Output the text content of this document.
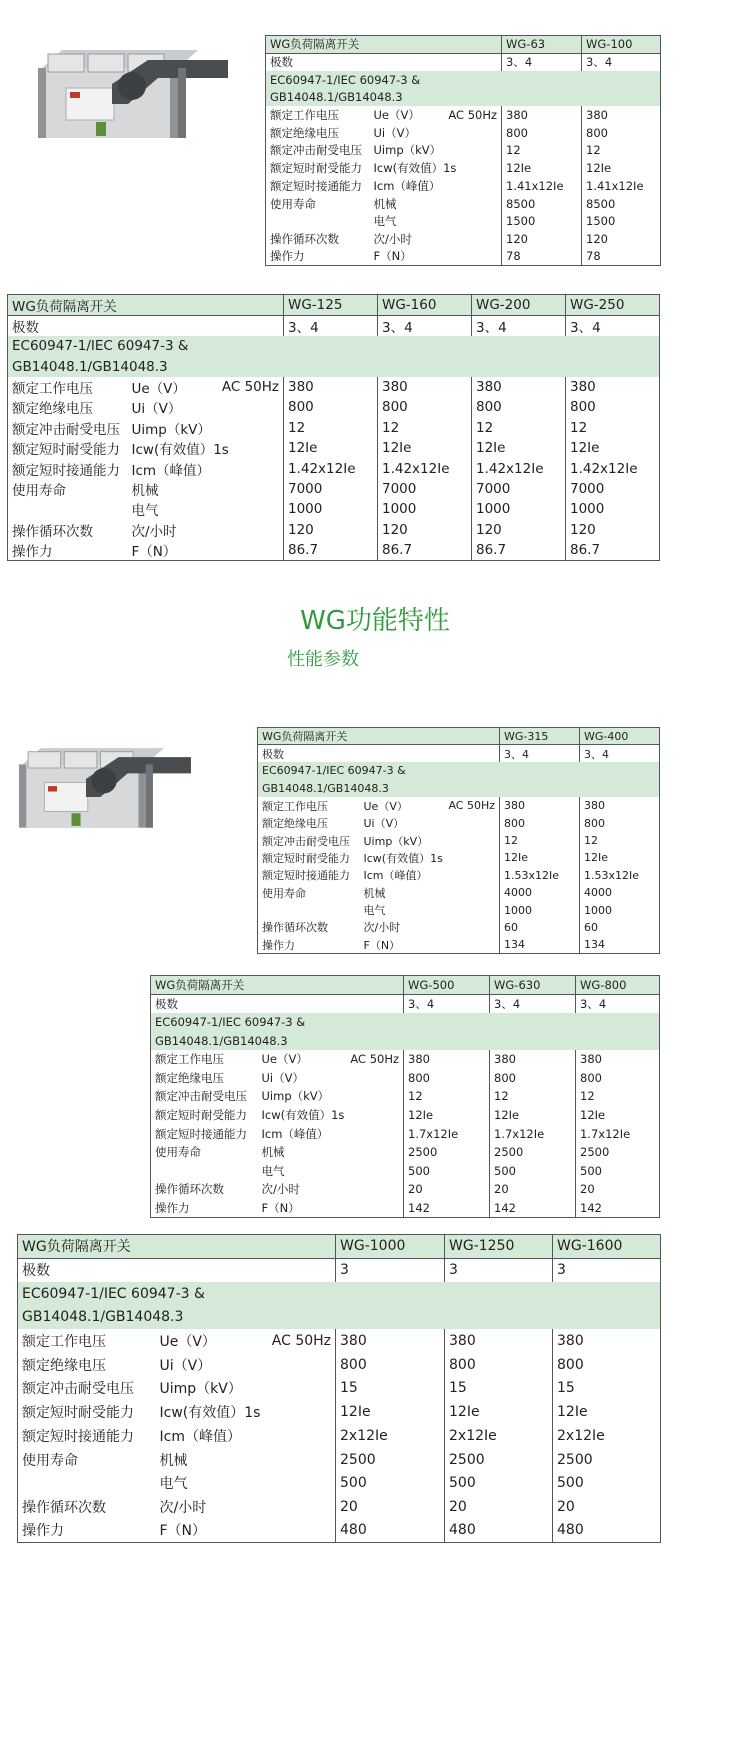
WG负荷隔离开关		WG-63	WG-100
极数		3、4	3、4
EC60947-1/IEC 60947-3 &			
GB14048.1/GB14048.3			
额定工作电压	Ue（V） AC 50Hz	380	380
额定绝缘电压	Ui（V）	800	800
额定冲击耐受电压	Uimp（kV）	12	12
额定短时耐受能力	Icw(有效值）1s	12Ie	12Ie
额定短时接通能力	Icm（峰值）	1.41x12Ie	1.41x12Ie
使用寿命	机械	8500	8500
	电气	1500	1500
操作循环次数	次/小时	120	120
操作力	F（N）	78	78
WG负荷隔离开关		WG-125	WG-160	WG-200	WG-250
极数		3、4	3、4	3、4	3、4
EC60947-1/IEC 60947-3 &					
GB14048.1/GB14048.3					
额定工作电压	Ue（V） AC 50Hz	380	380	380	380
额定绝缘电压	Ui（V）	800	800	800	800
额定冲击耐受电压	Uimp（kV）	12	12	12	12
额定短时耐受能力	Icw(有效值）1s	12Ie	12Ie	12Ie	12Ie
额定短时接通能力	Icm（峰值）	1.42x12Ie	1.42x12Ie	1.42x12Ie	1.42x12Ie
使用寿命	机械	7000	7000	7000	7000
	电气	1000	1000	1000	1000
操作循环次数	次/小时	120	120	120	120
操作力	F（N）	86.7	86.7	86.7	86.7
WG功能特性
性能参数
WG负荷隔离开关		WG-315	WG-400
极数		3、4	3、4
EC60947-1/IEC 60947-3 &			
GB14048.1/GB14048.3			
额定工作电压	Ue（V） AC 50Hz	380	380
额定绝缘电压	Ui（V）	800	800
额定冲击耐受电压	Uimp（kV）	12	12
额定短时耐受能力	Icw(有效值）1s	12Ie	12Ie
额定短时接通能力	Icm（峰值）	1.53x12Ie	1.53x12Ie
使用寿命	机械	4000	4000
	电气	1000	1000
操作循环次数	次/小时	60	60
操作力	F（N）	134	134
WG负荷隔离开关		WG-500	WG-630	WG-800
极数		3、4	3、4	3、4
EC60947-1/IEC 60947-3 &				
GB14048.1/GB14048.3				
额定工作电压	Ue（V） AC 50Hz	380	380	380
额定绝缘电压	Ui（V）	800	800	800
额定冲击耐受电压	Uimp（kV）	12	12	12
额定短时耐受能力	Icw(有效值）1s	12Ie	12Ie	12Ie
额定短时接通能力	Icm（峰值）	1.7x12Ie	1.7x12Ie	1.7x12Ie
使用寿命	机械	2500	2500	2500
	电气	500	500	500
操作循环次数	次/小时	20	20	20
操作力	F（N）	142	142	142
WG负荷隔离开关		WG-1000	WG-1250	WG-1600
极数		3	3	3
EC60947-1/IEC 60947-3 &				
GB14048.1/GB14048.3				
额定工作电压	Ue（V） AC 50Hz	380	380	380
额定绝缘电压	Ui（V）	800	800	800
额定冲击耐受电压	Uimp（kV）	15	15	15
额定短时耐受能力	Icw(有效值）1s	12Ie	12Ie	12Ie
额定短时接通能力	Icm（峰值）	2x12Ie	2x12Ie	2x12Ie
使用寿命	机械	2500	2500	2500
	电气	500	500	500
操作循环次数	次/小时	20	20	20
操作力	F（N）	480	480	480
